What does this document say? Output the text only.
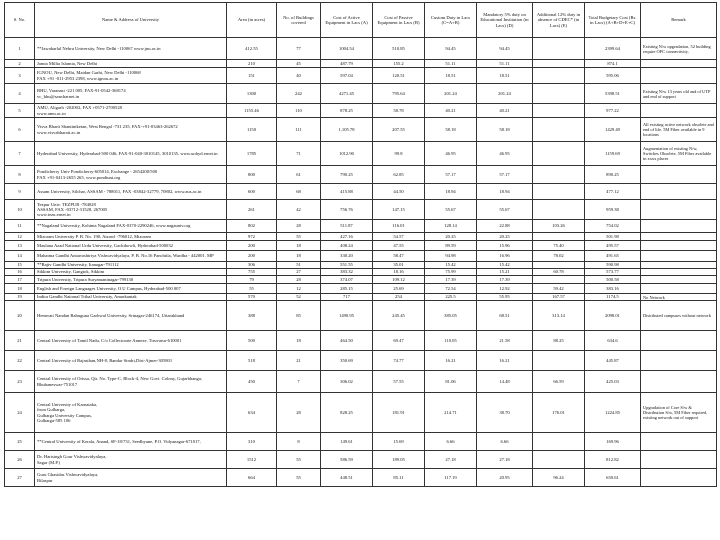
S. No.	Name & Address of University	Area (in acres)	No. of Buildings covered	Cost of Active Equipment in Lacs (A)	Cost of Passive Equipment in Lacs (B)	Custom Duty in Lacs (C=A+B)	Mandatory 5% duty on Educational Institution (in Lacs) (D)	Additional 12% duty in absence of CDEC* (in Lacs) (E)	Total Budgetary Cost (Rs. in Lacs) (A+B+D+E+C)	Remark
1	**Jawaharlal Nehru University, New Delhi -110067 www.jnu.ac.in	412.55	77	1004.54	510.85	94.45	94.45		2399.64	Existing N/w upgradation, 52 building require OFC connectivity,
2	Jamia Millia Islamia, New Delhi	210	45	487.79	155.2	51.11	51.11		874.1	
3	IGNOU, New Delhi, Maidan Garhi, New Delhi -110068
FAX +91 -011-2953 2398, www.ignou.ac.in	151	40	597.04	120.51	18.51	18.51		595.06	
4	BHU, Varanasi -221 005, FAX-91-0542-368174
vc_bhu@sancharnet.in	1300	242	4271.45	795.64	201.24	201.24		5398.51	Existing N/w 13 years old and of UTP and end of support
5	AMU, Aligarh -202002, FAX +0571-2700528
www.amu.ac.in	1155.46	110	878.25	58.78	40.21	40.21		977.22	
6	Visva Bharti Shantiniketan, West Bengal -731 235, FAX-+91-03463-262672
www.visvabharati.ac.in	1150	111	1,105.78	207.55	58.18	58.18		1429.49	All existing active network obsolete and end of life. 5M Fiber available in 9 locations
7	Hyderabad University, Hyderabad-500 046, FAX-91-040-3010145, 3010135, www.uohyd.ernet.in	1785	71	1012.90	99.8	46.95	46.95		1159.69	Augmentation of existing N/w, Switches Obsolete, 5M Fiber available in xxxx places
8	Pondicherry Univ Pondicherry-605014, Exchange - 2654200/500
FAX +91-0413-2655 265, www.pondiuni.org	800	61	790.25	62.85	57.17	57.17		890.25	
9	Assam University, Silchar, ASSAM - 788011, FAX -03842-32779, 70802, www.aus.ac.in	600	68	415.88	44.50	18.94	18.94		477.12	
10	Tezpur Univ. TEZPUR -784028
ASSAM, FAX -03712-31528, 267005
www.tezu.ernet.in	261	42	756.76	147.15	55.67	55.67		959.38	
11	**Nagaland University, Kohima Nagaland FAX-0370-2290246, www.nagauniv.org	802	28	511.87	116.01	128.14	22.88	103.26	754.02	
12	Mizoram University P. B. No. 190, Aizawl -796012, Mizoram	972	55	427.16	54.57	20.25	20.25		501.98	
13	Maulana Azad National Urdu University, Gachibowli, Hyderabad-500032	200	18	408.24	47.55	89.59	15.96	75.40	495.57	
14	Mahatma Gandhi Antarrashtriya Vishwavidyalaya, P. B. No.16 Panchtila, Wardha - 442001, MP	200	18	330.20	58.47	94.98	16.96	78.02	491.65	
15	**Rajiv Gandhi University, Itanagar-791112	306	51	551.55	35.01	15.42	15.42		590.98	
16	Sikkim University, Gangtok, Sikkim	755	27	383.32	18.16	75.99	15.21	60.78	573.77	
17	Tripura University, Tripura Suryamaninagar-799130	79	28	374.07	109.12	17.39	17.39		500.58	
18	English and Foreign Languages University, O.U Campus, Hyderabad-500 007	55	12	285.15	25.69	72.54	12.92	59.42	383.16	
19	Indira Gandhi National Tribal University, Amarkantak	570	52	717	254	225.5	55.95	167.57	1174.5	No Network
20	Hemwati Nandan Bahuguna Garhwal University, Srinagar-246174, Uttarakhand	388	85	1490.95	245.45	385.05	68.51	313.14	2098.01	Distributed campuses without network
21	Central University of Tamil Nadu, C/o Collectorate Annexe, Tiruvarur-610001	500	18	464.50	69.47	110.05	21.58	88.25	634.6	
22	Central University of Rajasthan,NH-8, Bandar Sindri,Dist-Ajmer-305801	518	21	350.69	74.77	16.21	16.21		445.87	
23	Central University of Orissa, Qtr. No. Type-C, Block-4, New Govt. Colony, Gujarbhanga, Bhubaneswar-751017	450	7	306.02	57.55	81.06	14.48	66.59	425.03	
24	Central University of Karnataka,
from Gulbarga,
Gulbarga University Campus,
Gulbarga-585 106	634	28	828.25	181.91	214.71	38.70	176.01	1224.85	Upgradation of Core S/w & Distribution S/w, 5M Fiber required, existing network out of support
25	**Central University of Kerala, Anand, SF-18/731, Seedhyane, P.O. Vidyanagar-671017,	310	8	149.61	15.69	6.66	6.66		169.96	
26	Dr. Harisingh Gour Vishwavidyalaya,
Sagar (M.P.)	1512	55	586.59	189.05	27.18	27.18		812.82	
27	Guru Ghasidas Vishwavidyalaya,
Bilaspur	664	55	448.51	85.11	117.19	20.95	96.24	650.61	
